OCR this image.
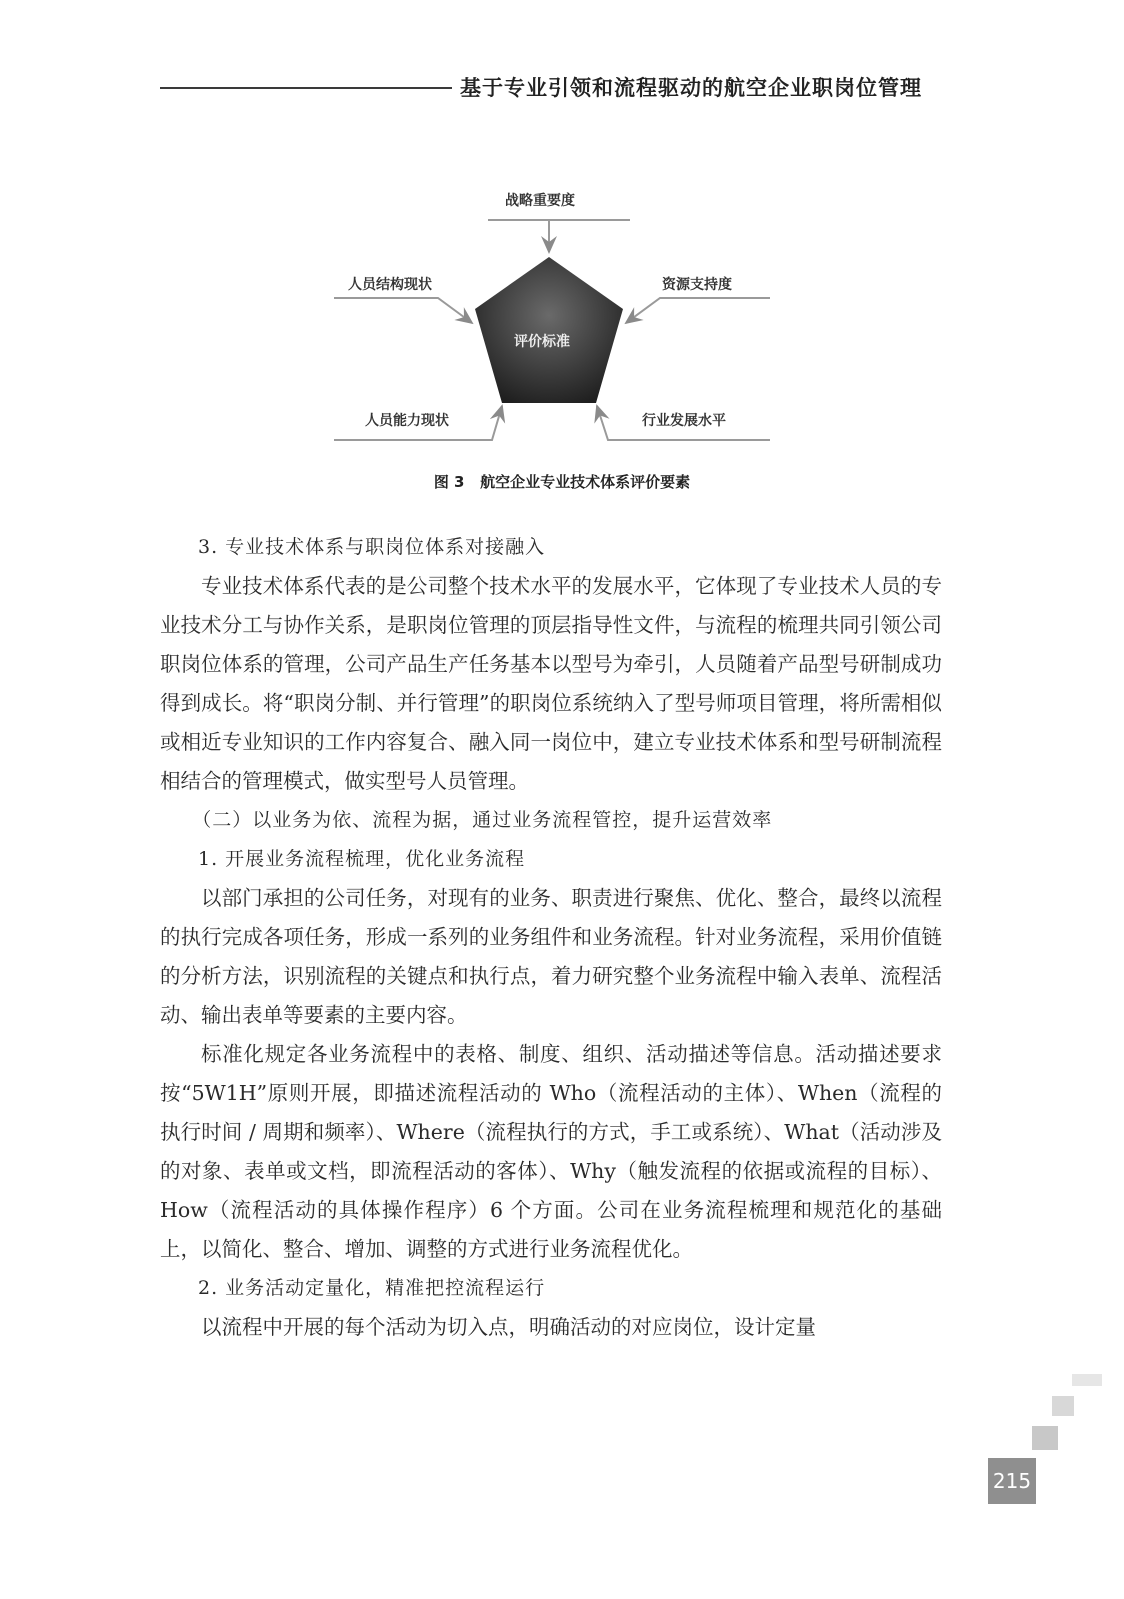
基于专业引领和流程驱动的航空企业职岗位管理
战略重要度
人员结构现状	资源支持度
人员能力现状	行业发展水平
评价标准
图 3   航空企业专业技术体系评价要素

3. 专业技术体系与职岗位体系对接融入

专业技术体系代表的是公司整个技术水平的发展水平，它体现了专业技术人员的专业技术分工与协作关系，是职岗位管理的顶层指导性文件，与流程的梳理共同引领公司职岗位体系的管理，公司产品生产任务基本以型号为牵引，人员随着产品型号研制成功得到成长。将“职岗分制、并行管理”的职岗位系统纳入了型号师项目管理，将所需相似或相近专业知识的工作内容复合、融入同一岗位中，建立专业技术体系和型号研制流程相结合的管理模式，做实型号人员管理。

（二）以业务为依、流程为据，通过业务流程管控，提升运营效率

1. 开展业务流程梳理，优化业务流程

以部门承担的公司任务，对现有的业务、职责进行聚焦、优化、整合，最终以流程的执行完成各项任务，形成一系列的业务组件和业务流程。针对业务流程，采用价值链的分析方法，识别流程的关键点和执行点，着力研究整个业务流程中输入表单、流程活动、输出表单等要素的主要内容。

标准化规定各业务流程中的表格、制度、组织、活动描述等信息。活动描述要求按“5W1H”原则开展，即描述流程活动的 Who（流程活动的主体）、When（流程的执行时间 / 周期和频率）、Where（流程执行的方式，手工或系统）、What（活动涉及的对象、表单或文档，即流程活动的客体）、Why（触发流程的依据或流程的目标）、How（流程活动的具体操作程序）6 个方面。公司在业务流程梳理和规范化的基础上，以简化、整合、增加、调整的方式进行业务流程优化。

2. 业务活动定量化，精准把控流程运行

以流程中开展的每个活动为切入点，明确活动的对应岗位，设计定量

215
